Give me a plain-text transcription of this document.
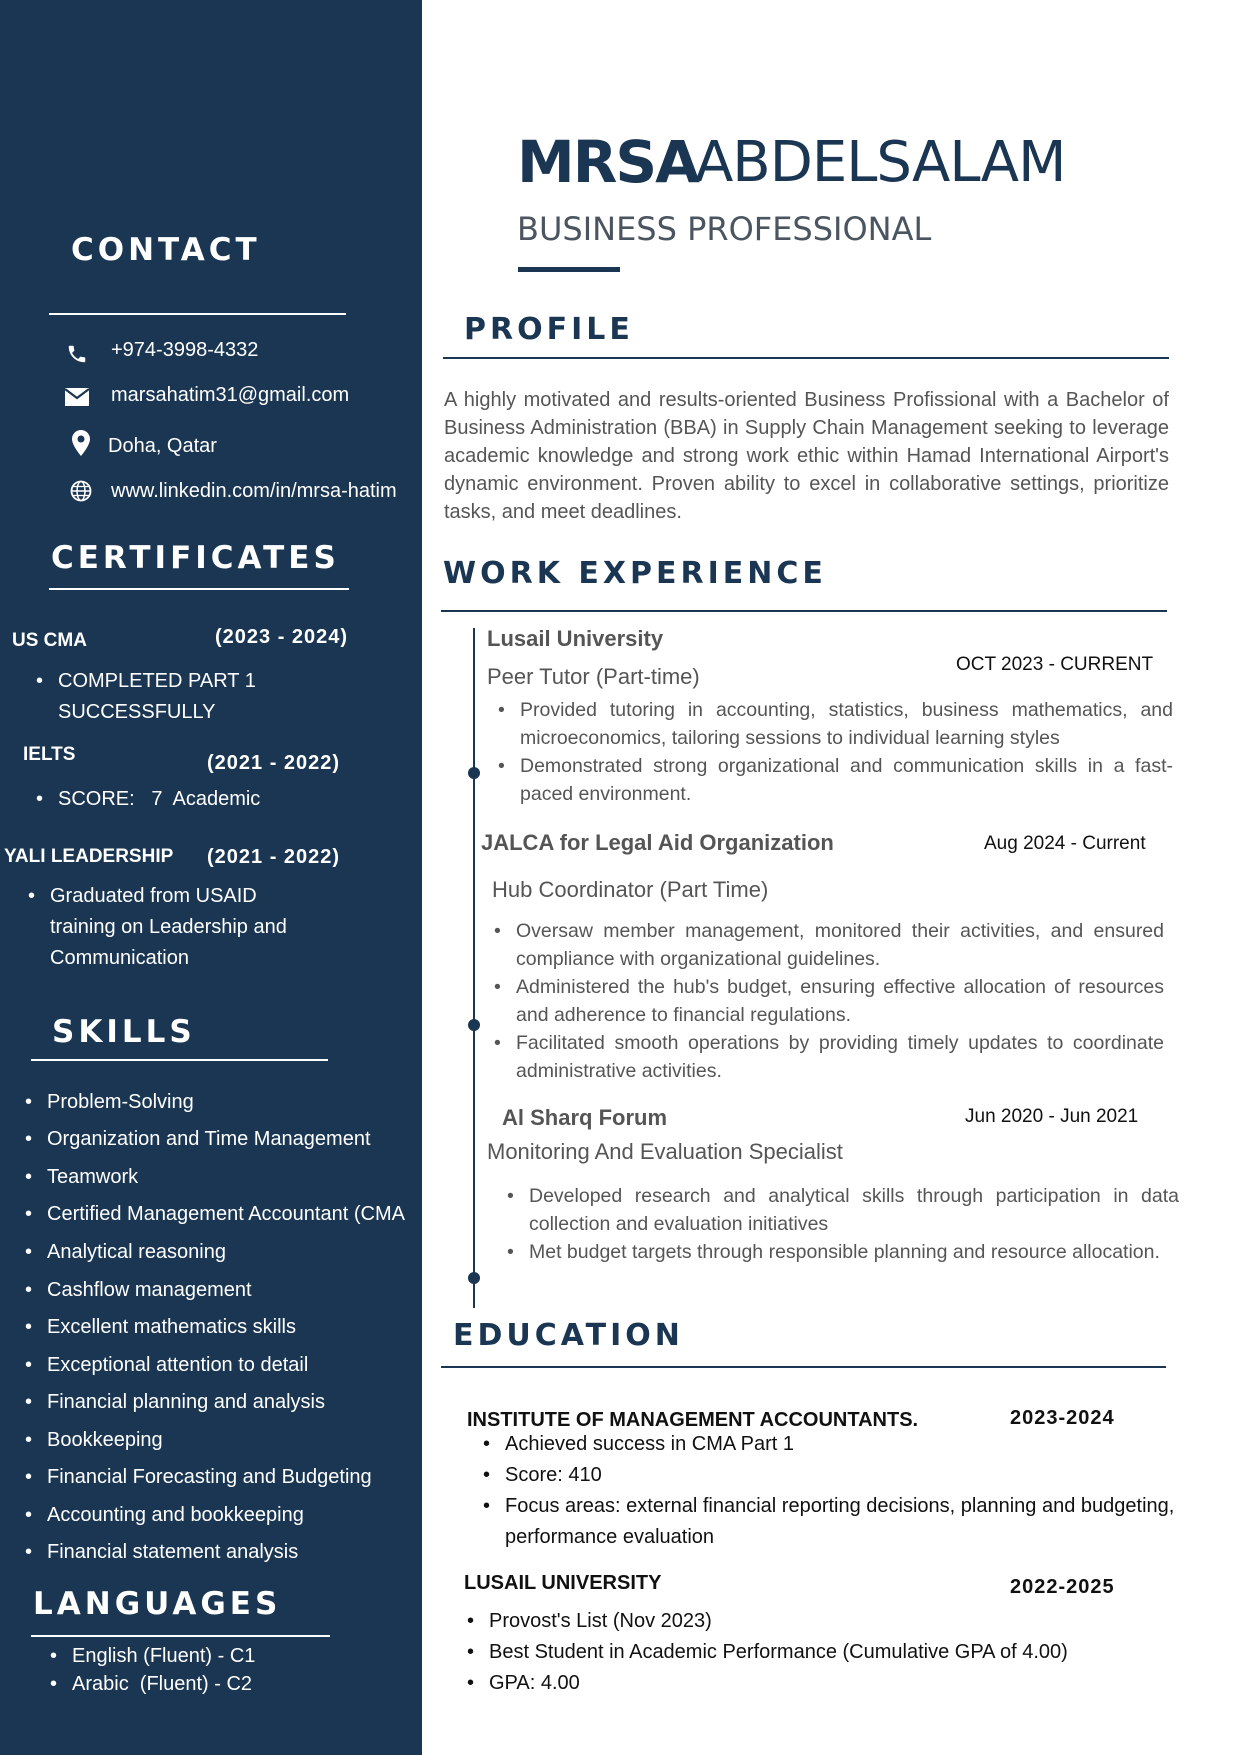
CONTACT
+974-3998-4332
marsahatim31@gmail.com
Doha, Qatar
www.linkedin.com/in/mrsa-hatim
CERTIFICATES
US CMA	(2023 - 2024)
• COMPLETED PART 1
SUCCESSFULLY
IELTS	(2021 - 2022)
• SCORE:   7  Academic
YALI LEADERSHIP (2021 - 2022)
• Graduated from USAID
training on Leadership and
Communication
SKILLS
• Problem-Solving
• Organization and Time Management
• Teamwork
• Certified Management Accountant (CMA
• Analytical reasoning
• Cashflow management
• Excellent mathematics skills
• Exceptional attention to detail
• Financial planning and analysis
• Bookkeeping
• Financial Forecasting and Budgeting
• Accounting and bookkeeping
• Financial statement analysis
LANGUAGES
• English (Fluent) - C1
• Arabic  (Fluent) - C2
MRSA
ABDELSALAM
BUSINESS PROFESSIONAL
PROFILE
A highly motivated and results-oriented Business Profissional with a Bachelor of Business Administration (BBA) in Supply Chain Management seeking to leverage academic knowledge and strong work ethic within Hamad International Airport's dynamic environment. Proven ability to excel in collaborative settings, prioritize tasks, and meet deadlines.
WORK EXPERIENCE
Lusail University
OCT 2023 - CURRENT
Peer Tutor (Part-time)
• Provided tutoring in accounting, statistics, business mathematics, and microeconomics, tailoring sessions to individual learning styles
• Demonstrated strong organizational and communication skills in a fast-paced environment.
JALCA for Legal Aid Organization	Aug 2024 - Current
Hub Coordinator (Part Time)
• Oversaw member management, monitored their activities, and ensured compliance with organizational guidelines.
• Administered the hub's budget, ensuring effective allocation of resources and adherence to financial regulations.
• Facilitated smooth operations by providing timely updates to coordinate administrative activities.
Al Sharq Forum	Jun 2020 - Jun 2021
Monitoring And Evaluation Specialist
• Developed research and analytical skills through participation in data collection and evaluation initiatives
• Met budget targets through responsible planning and resource allocation.
EDUCATION
INSTITUTE OF MANAGEMENT ACCOUNTANTS.	2023-2024
• Achieved success in CMA Part 1
• Score: 410
• Focus areas: external financial reporting decisions, planning and budgeting,
performance evaluation
LUSAIL UNIVERSITY	2022-2025
• Provost's List (Nov 2023)
• Best Student in Academic Performance (Cumulative GPA of 4.00)
• GPA: 4.00
